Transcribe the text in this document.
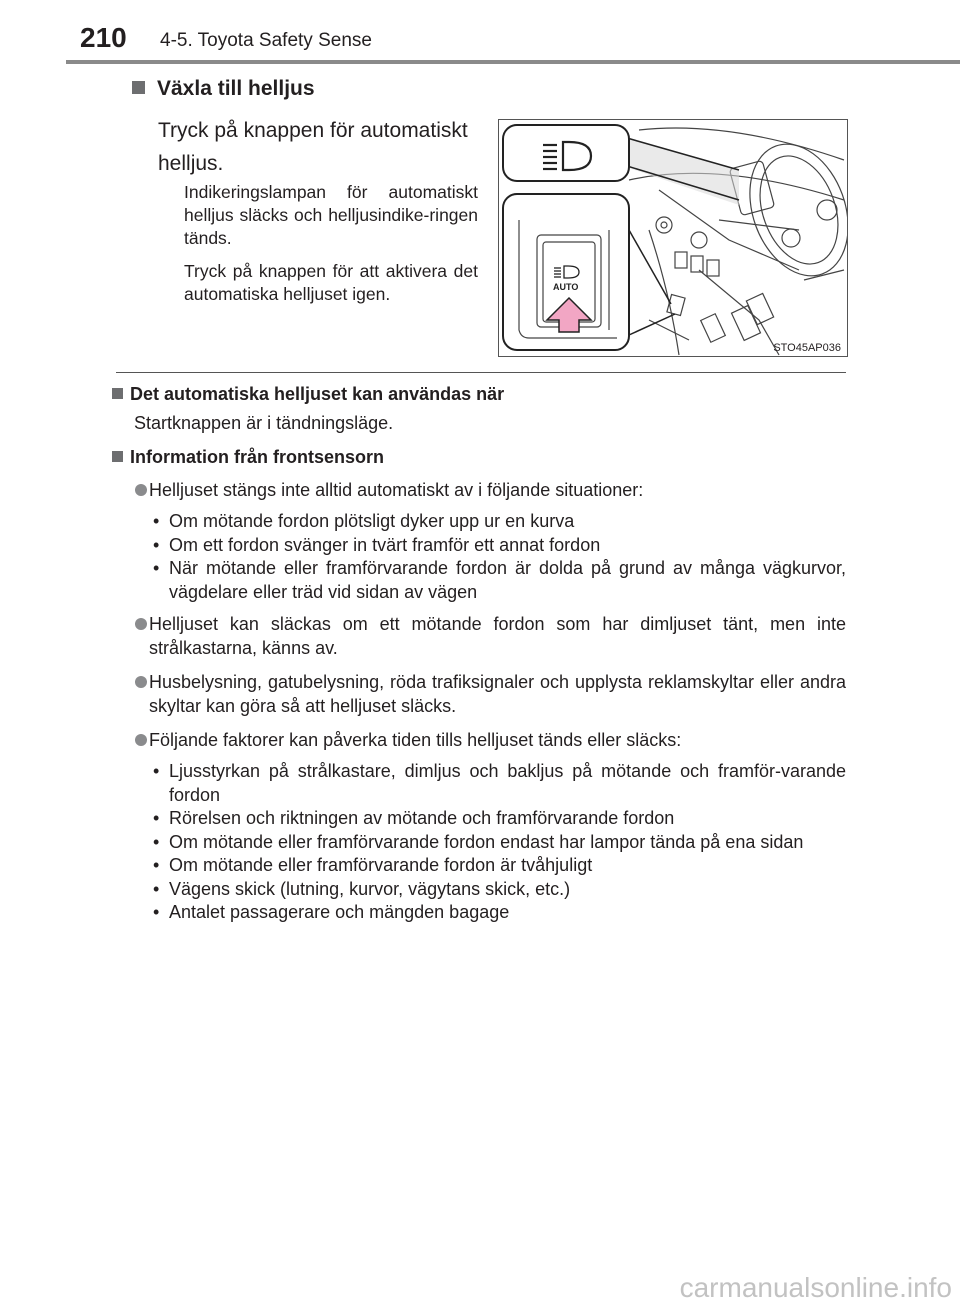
210 4-5. Toyota Safety Sense
Växla till helljus
Tryck på knappen för automatiskt helljus.
Indikeringslampan för automatiskt helljus släcks och helljusindike-ringen tänds.
Tryck på knappen för att aktivera det automatiska helljuset igen.	AUTO
STO45AP036
Det automatiska helljuset kan användas när
Startknappen är i tändningsläge.
Information från frontsensorn
Helljuset stängs inte alltid automatiskt av i följande situationer:
• Om mötande fordon plötsligt dyker upp ur en kurva
• Om ett fordon svänger in tvärt framför ett annat fordon
• När mötande eller framförvarande fordon är dolda på grund av många vägkurvor, vägdelare eller träd vid sidan av vägen
Helljuset kan släckas om ett mötande fordon som har dimljuset tänt, men inte strålkastarna, känns av.
Husbelysning, gatubelysning, röda trafiksignaler och upplysta reklamskyltar eller andra skyltar kan göra så att helljuset släcks.
Följande faktorer kan påverka tiden tills helljuset tänds eller släcks:
• Ljusstyrkan på strålkastare, dimljus och bakljus på mötande och framför-varande fordon
• Rörelsen och riktningen av mötande och framförvarande fordon
• Om mötande eller framförvarande fordon endast har lampor tända på ena sidan
• Om mötande eller framförvarande fordon är tvåhjuligt
• Vägens skick (lutning, kurvor, vägytans skick, etc.)
• Antalet passagerare och mängden bagage
carmanualsonline.info
